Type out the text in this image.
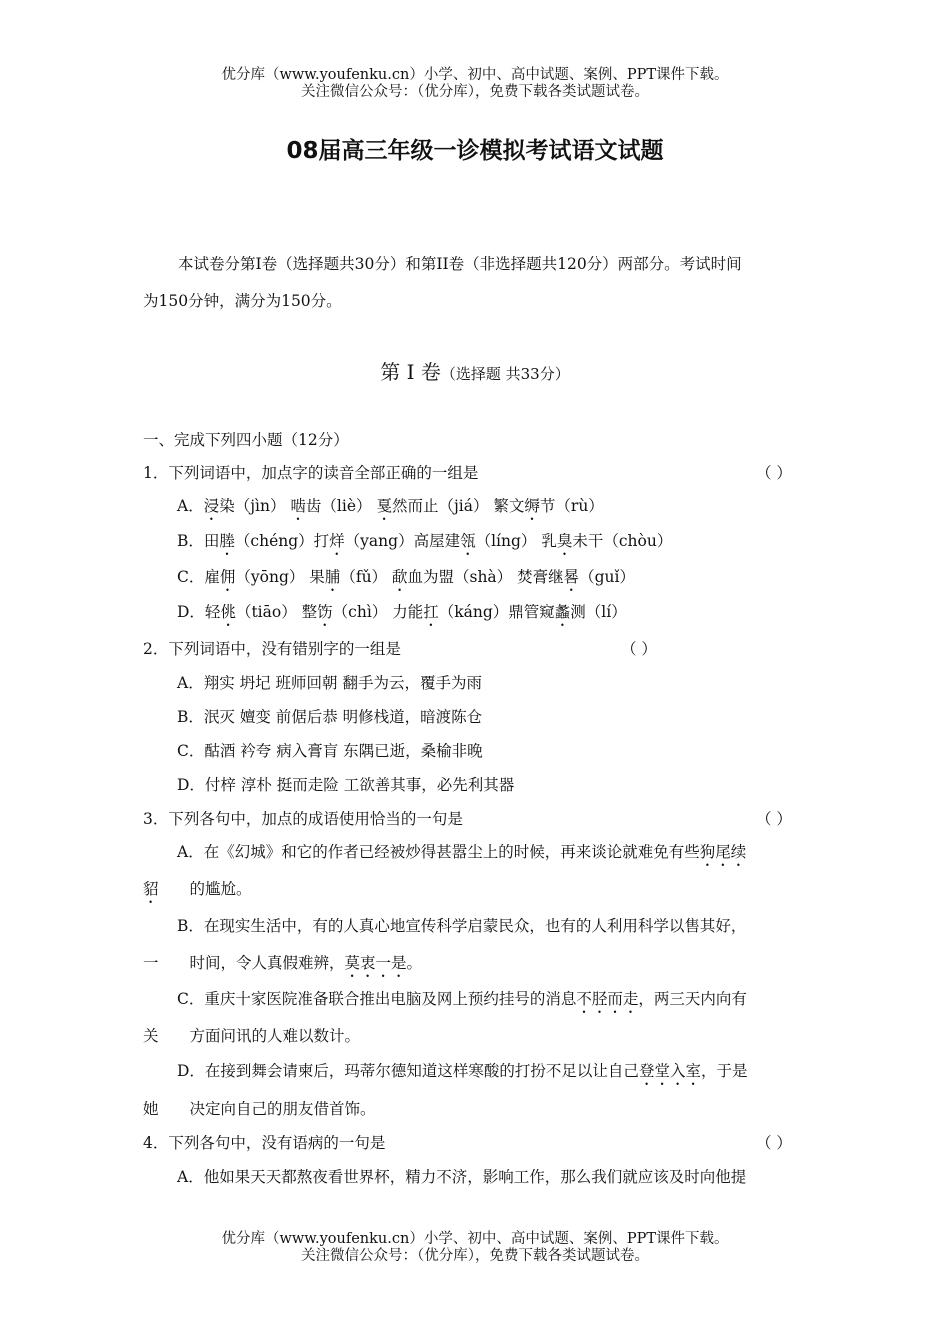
优分库（www.youfenku.cn）小学、初中、高中试题、案例、PPT课件下载。
关注微信公众号：（优分库），免费下载各类试题试卷。
08届高三年级一诊模拟考试语文试题
本试卷分第I卷（选择题共30分）和第II卷（非选择题共120分）两部分。考试时间
为150分钟，满分为150分。
第 I 卷（选择题 共33分）
一、完成下列四小题（12分）
1．下列词语中，加点字的读音全部正确的一组是	（ ）
A．浸染（jìn） 啮齿（liè） 戛然而止（jiá） 繁文缛节（rù）
B．田塍（chéng）打烊（yang）高屋建瓴（líng） 乳臭未干（chòu）
C．雇佣（yōng） 果脯（fǔ） 歃血为盟（shà） 焚膏继晷（guǐ）
D．轻佻（tiāo） 整饬（chì） 力能扛（káng）鼎管窥蠡测（lí）
2．下列词语中，没有错别字的一组是	（ ）
A．翔实 坍圮 班师回朝 翻手为云，覆手为雨
B．泯灭 嬗变 前倨后恭 明修栈道，暗渡陈仓
C．酤酒 衿夸 病入膏肓 东隅已逝，桑榆非晚
D．付梓 淳朴 挺而走险 工欲善其事，必先利其器
3．下列各句中，加点的成语使用恰当的一句是	（ ）
A．在《幻城》和它的作者已经被炒得甚嚣尘上的时候，再来谈论就难免有些狗尾续
貂 的尴尬。
B．在现实生活中，有的人真心地宣传科学启蒙民众，也有的人利用科学以售其好，
一 时间，令人真假难辨，莫衷一是。
C．重庆十家医院准备联合推出电脑及网上预约挂号的消息不胫而走，两三天内向有
关 方面问讯的人难以数计。
D．在接到舞会请柬后，玛蒂尔德知道这样寒酸的打扮不足以让自己登堂入室，于是
她 决定向自己的朋友借首饰。
4．下列各句中，没有语病的一句是	（ ）
A．他如果天天都熬夜看世界杯，精力不济，影响工作，那么我们就应该及时向他提
优分库（www.youfenku.cn）小学、初中、高中试题、案例、PPT课件下载。
关注微信公众号：（优分库），免费下载各类试题试卷。
